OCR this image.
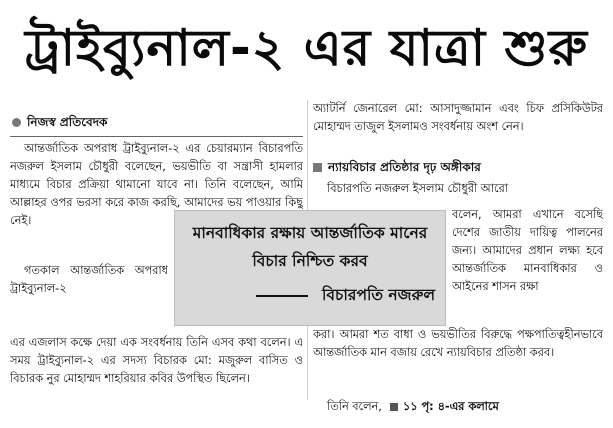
ট্রাইব্যুনাল-২ এর যাত্রা শুরু
নিজস্ব প্রতিবেদক

আন্তর্জাতিক অপরাধ ট্রাইব্যুনাল-২ এর চেয়ারম্যান বিচারপতি নজরুল ইসলাম চৌধুরী বলেছেন, ভয়ভীতি বা সন্ত্রাসী হামলার মাধ্যমে বিচার প্রক্রিয়া থামানো যাবে না। তিনি বলেছেন, আমি আল্লাহর ওপর ভরসা করে কাজ করছি, আমাদের ভয় পাওয়ার কিছু নেই।

গতকাল আন্তর্জাতিক অপরাধ ট্রাইব্যুনাল-২

এর এজলাস কক্ষে দেয়া এক সংবর্ধনায় তিনি এসব কথা বলেন। এ সময় ট্রাইব্যুনাল-২ এর সদস্য বিচারক মো: মজুরুল বাসিত ও বিচারক নুর মোহাম্মদ শাহরিয়ার কবির উপস্থিত ছিলেন।

অ্যাটর্নি জেনারেল মো: আসাদুজ্জামান এবং চিফ প্রসিকিউটর মোহাম্মদ তাজুল ইসলামও সংবর্ধনায় অংশ নেন।

ন্যায়বিচার প্রতিষ্ঠার দৃঢ় অঙ্গীকার

বিচারপতি নজরুল ইসলাম চৌধুরী আরো

বলেন, আমরা এখানে বসেছি দেশের জাতীয় দায়িত্ব পালনের জন্য। আমাদের প্রধান লক্ষ্য হবে আন্তর্জাতিক মানবাধিকার ও আইনের শাসন রক্ষা

করা। আমরা শত বাধা ও ভয়ভীতির বিরুদ্ধে পক্ষপাতিত্বহীনভাবে আন্তর্জাতিক মান বজায় রেখে ন্যায়বিচার প্রতিষ্ঠা করব।

তিনি বলেন, ১১ পৃ: ৪-এর কলামে
মানবাধিকার রক্ষায় আন্তর্জাতিক মানের বিচার নিশ্চিত করব
বিচারপতি নজরুল
